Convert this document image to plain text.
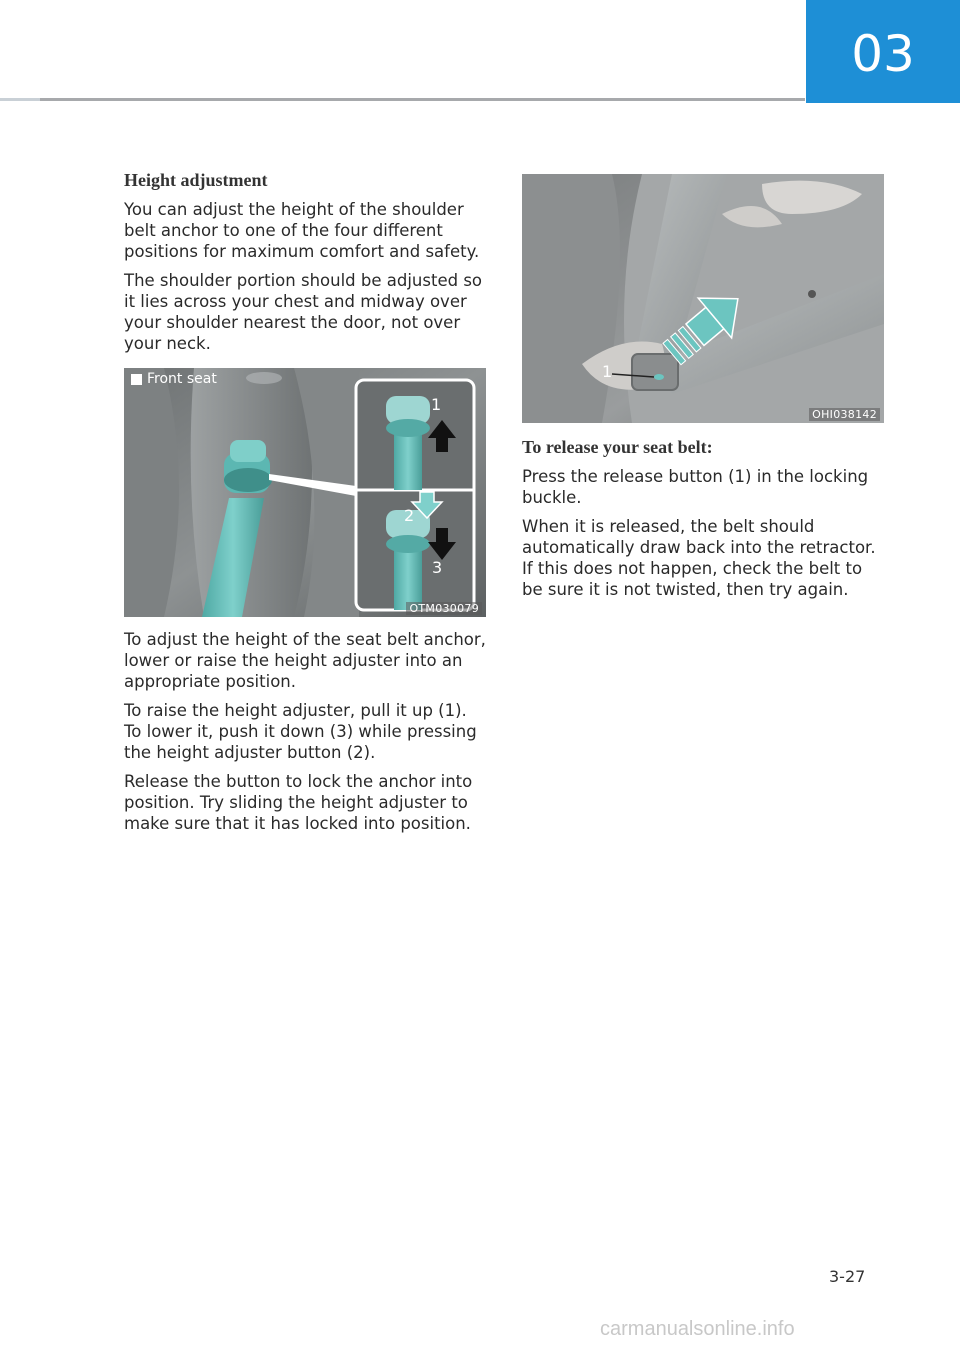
03
Height adjustment

You can adjust the height of the shoulder belt anchor to one of the four different positions for maximum comfort and safety.

The shoulder portion should be adjusted so it lies across your chest and midway over your shoulder nearest the door, not over your neck.

Front seat
1
2
3
OTM030079

To adjust the height of the seat belt anchor, lower or raise the height adjuster into an appropriate position.

To raise the height adjuster, pull it up (1). To lower it, push it down (3) while pressing the height adjuster button (2).

Release the button to lock the anchor into position. Try sliding the height adjuster to make sure that it has locked into position.

1
OHI038142
To release your seat belt:

Press the release button (1) in the locking buckle.

When it is released, the belt should automatically draw back into the retractor. If this does not happen, check the belt to be sure it is not twisted, then try again.

3-27
carmanualsonline.info
